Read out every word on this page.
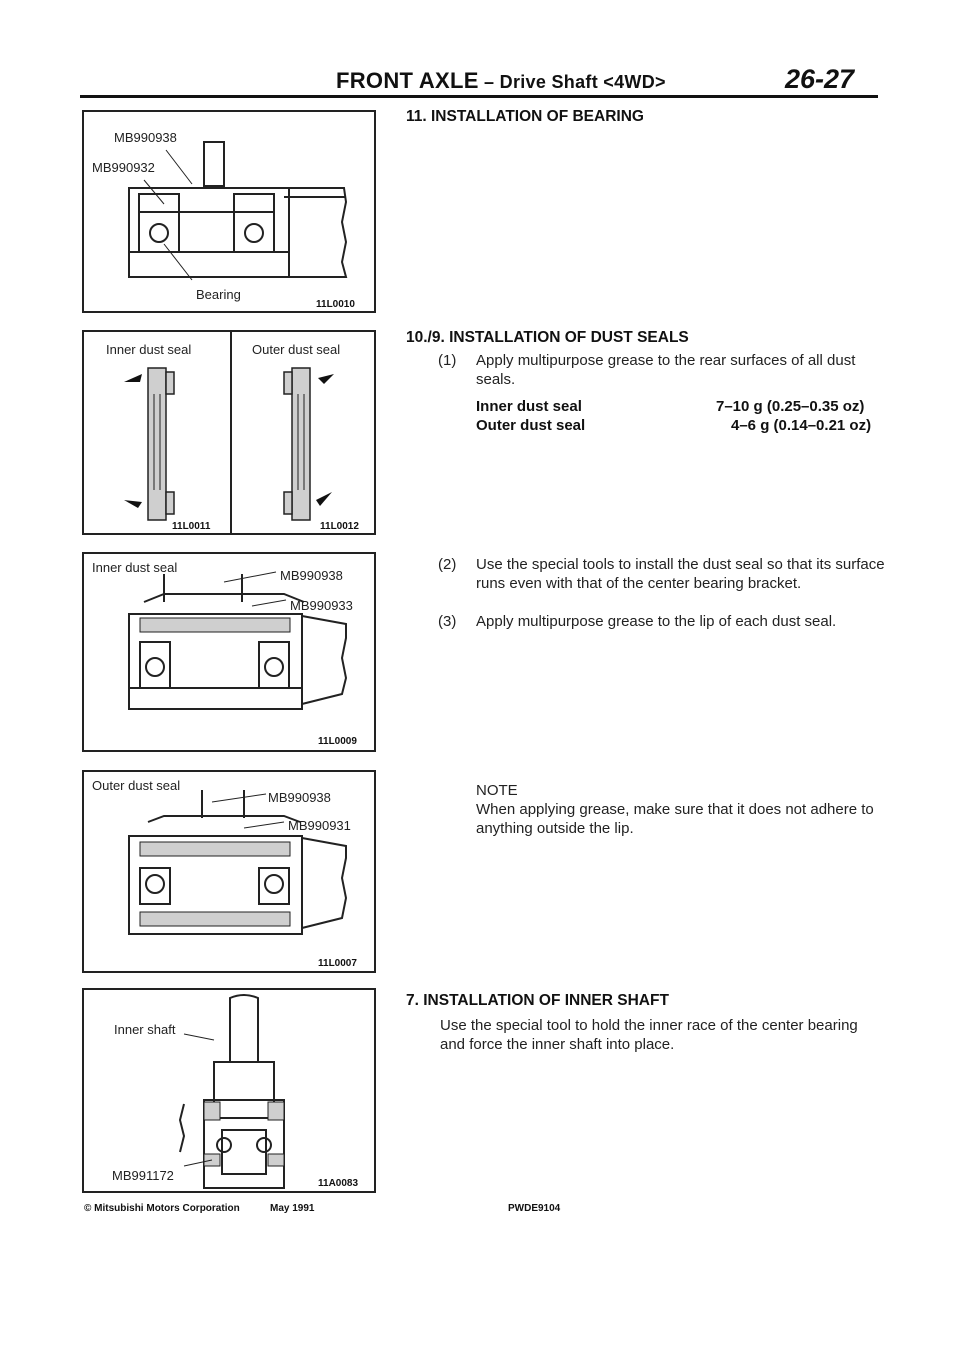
FRONT AXLE – Drive Shaft <4WD>	26-27
MB990938
MB990932
Bearing
11L0010
Inner dust seal	Outer dust seal
11L0011	11L0012
Inner dust seal
MB990938
MB990933
11L0009
Outer dust seal
MB990938
MB990931
11L0007
Inner shaft
MB991172
11A0083
11. INSTALLATION OF BEARING
10./9. INSTALLATION OF DUST SEALS
(1) Apply multipurpose grease to the rear surfaces of all dust seals.
Inner dust seal	7–10 g (0.25–0.35 oz)
Outer dust seal	4–6 g (0.14–0.21 oz)
(2) Use the special tools to install the dust seal so that its surface runs even with that of the center bearing bracket.
(3) Apply multipurpose grease to the lip of each dust seal.
NOTE
When applying grease, make sure that it does not adhere to anything outside the lip.
7. INSTALLATION OF INNER SHAFT
Use the special tool to hold the inner race of the center bearing and force the inner shaft into place.
© Mitsubishi Motors Corporation	May 1991	PWDE9104
